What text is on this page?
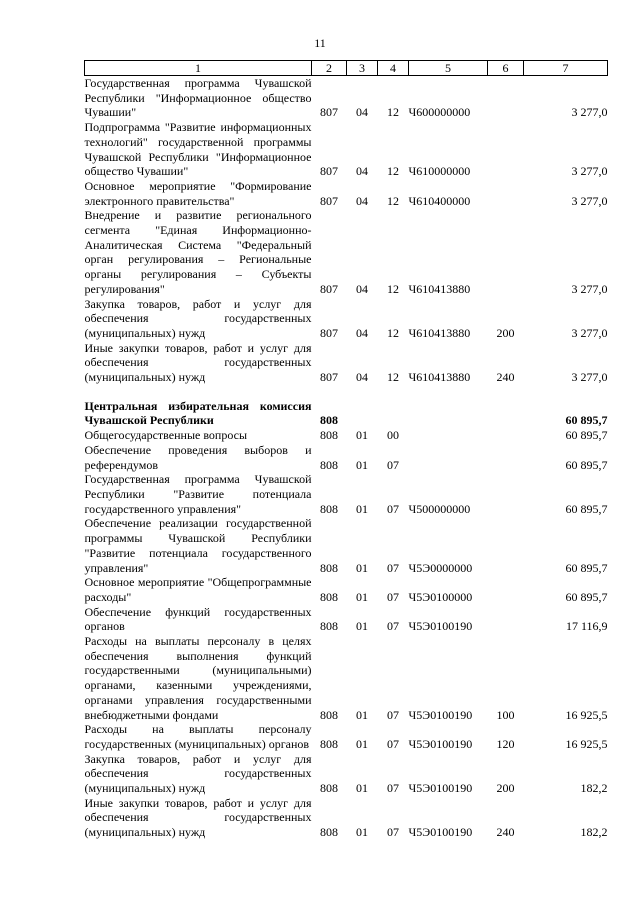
11
1	2	3	4	5	6	7
Государственная программа Чувашской Республики "Информационное общество Чувашии"	807	04	12	Ч600000000		3 277,0
Подпрограмма "Развитие информационных технологий" государственной программы Чувашской Республики "Информационное общество Чувашии"	807	04	12	Ч610000000		3 277,0
Основное мероприятие "Формирование электронного правительства"	807	04	12	Ч610400000		3 277,0
Внедрение и развитие регионального сегмента "Единая Информационно-Аналитическая Система "Федеральный орган регулирования – Региональные органы регулирования – Субъекты регулирования"	807	04	12	Ч610413880		3 277,0
Закупка товаров, работ и услуг для обеспечения государственных (муниципальных) нужд	807	04	12	Ч610413880	200	3 277,0
Иные закупки товаров, работ и услуг для обеспечения государственных (муниципальных) нужд	807	04	12	Ч610413880	240	3 277,0

Центральная избирательная комиссия Чувашской Республики	808					60 895,7
Общегосударственные вопросы	808	01	00			60 895,7
Обеспечение проведения выборов и референдумов	808	01	07			60 895,7
Государственная программа Чувашской Республики "Развитие потенциала государственного управления"	808	01	07	Ч500000000		60 895,7
Обеспечение реализации государственной программы Чувашской Республики "Развитие потенциала государственного управления"	808	01	07	Ч5Э0000000		60 895,7
Основное мероприятие "Общепрограммные расходы"	808	01	07	Ч5Э0100000		60 895,7
Обеспечение функций государственных органов	808	01	07	Ч5Э0100190		17 116,9
Расходы на выплаты персоналу в целях обеспечения выполнения функций государственными (муниципальными) органами, казенными учреждениями, органами управления государственными внебюджетными фондами	808	01	07	Ч5Э0100190	100	16 925,5
Расходы на выплаты персоналу государственных (муниципальных) органов	808	01	07	Ч5Э0100190	120	16 925,5
Закупка товаров, работ и услуг для обеспечения государственных (муниципальных) нужд	808	01	07	Ч5Э0100190	200	182,2
Иные закупки товаров, работ и услуг для обеспечения государственных (муниципальных) нужд	808	01	07	Ч5Э0100190	240	182,2
